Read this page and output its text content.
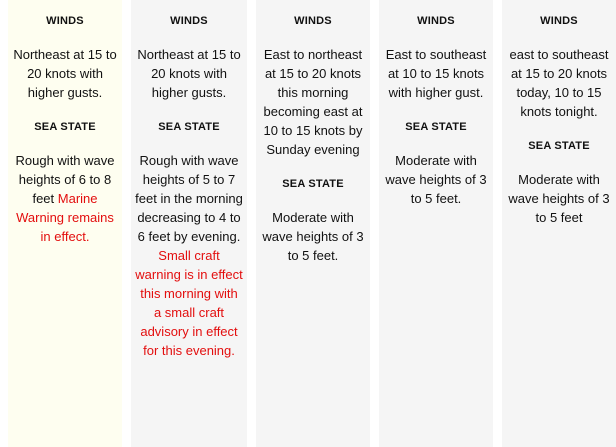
WINDS

Northeast at 15 to 20 knots with higher gusts.

SEA STATE

Rough with wave heights of 6 to 8 feet Marine Warning remains in effect.

WINDS

Northeast at 15 to 20 knots with higher gusts.

SEA STATE

Rough with wave heights of 5 to 7 feet in the morning decreasing to 4 to 6 feet by evening.
Small craft warning is in effect this morning with a small craft advisory in effect for this evening.

WINDS

East to northeast at 15 to 20 knots this morning becoming east at 10 to 15 knots by Sunday evening

SEA STATE

Moderate with wave heights of 3 to 5 feet.

WINDS

East to southeast at 10 to 15 knots with higher gust.

SEA STATE

Moderate with wave heights of 3 to 5 feet.

WINDS

east to southeast at 15 to 20 knots today, 10 to 15 knots tonight.

SEA STATE

Moderate with wave heights of 3 to 5 feet
